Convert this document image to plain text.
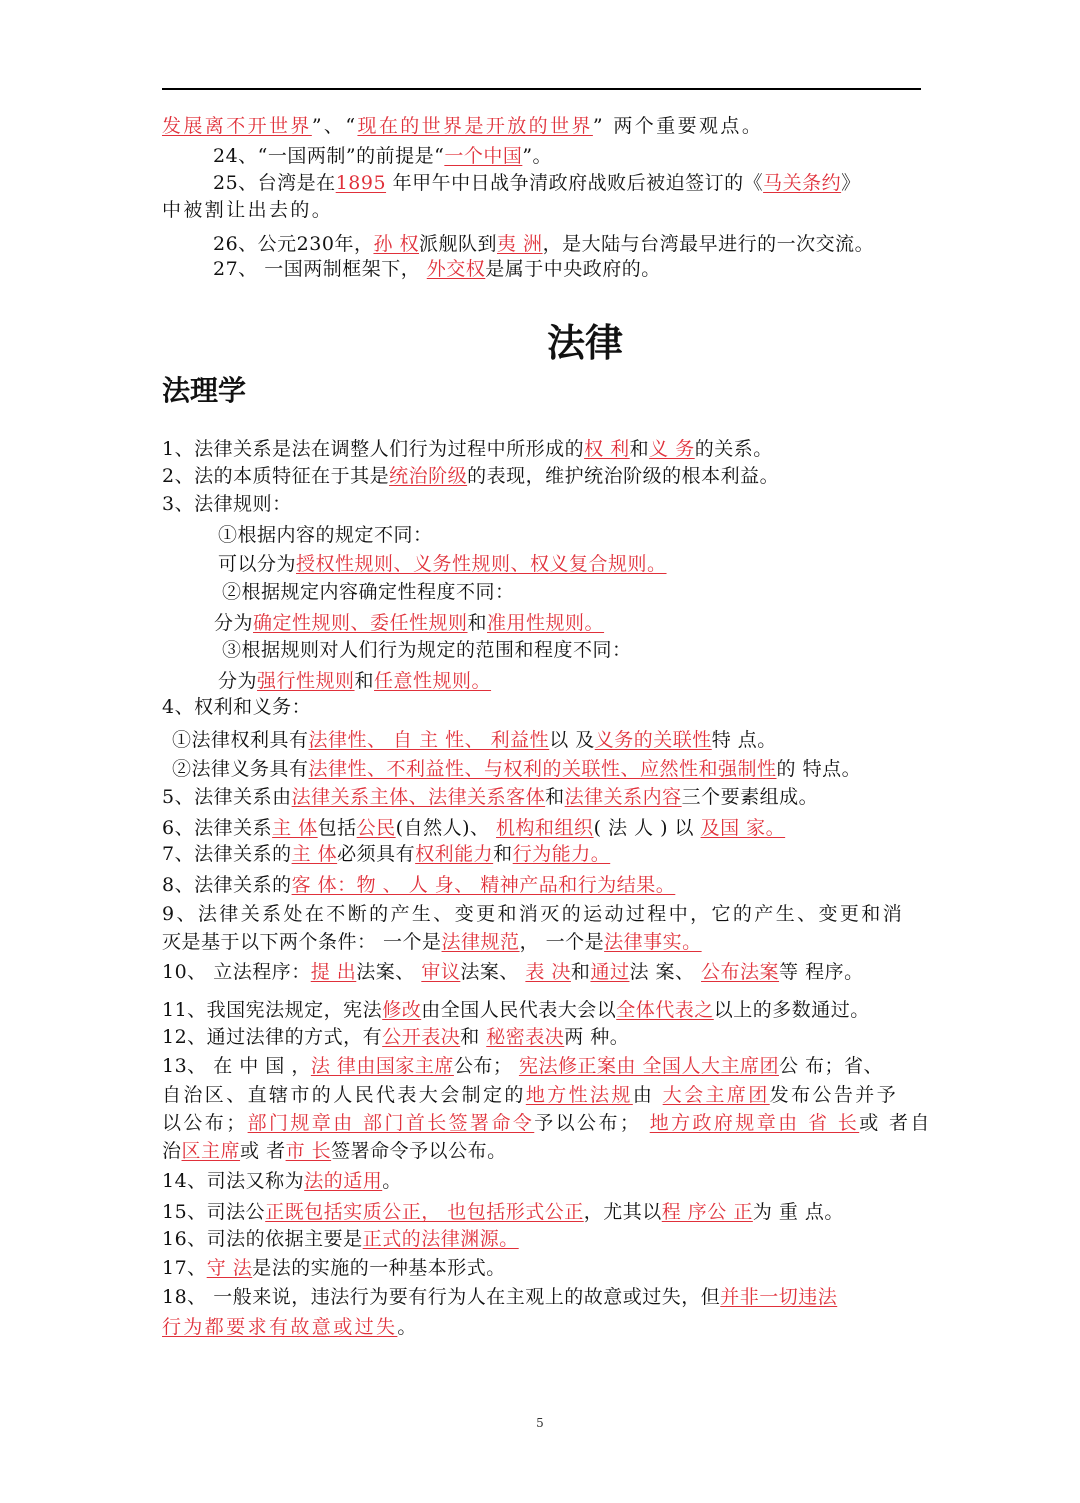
发展离不开世界”、“现在的世界是开放的世界” 两个重要观点。
24、“一国两制”的前提是“一个中国”。
25、台湾是在1895 年甲午中日战争清政府战败后被迫签订的《马关条约》
中被割让出去的。
26、公元230年，孙 权派舰队到夷 洲，是大陆与台湾最早进行的一次交流。
27、 一国两制框架下， 外交权是属于中央政府的。
法律
法理学
1、法律关系是法在调整人们行为过程中所形成的权 利和义 务的关系。
2、法的本质特征在于其是统治阶级的表现，维护统治阶级的根本利益。
3、法律规则：
①根据内容的规定不同：
可以分为授权性规则、义务性规则、权义复合规则。
②根据规定内容确定性程度不同：
分为确定性规则、委任性规则和准用性规则。
③根据规则对人们行为规定的范围和程度不同：
分为强行性规则和任意性规则。
4、权利和义务：
①法律权利具有法律性、 自 主 性、 利益性以 及义务的关联性特 点。
②法律义务具有法律性、不利益性、与权利的关联性、应然性和强制性的 特点。
5、法律关系由法律关系主体、法律关系客体和法律关系内容三个要素组成。
6、法律关系主 体包括公民(自然人)、 机构和组织( 法 人 ) 以 及国 家。
7、法律关系的主 体必须具有权利能力和行为能力。
8、法律关系的客 体：物 、 人 身、 精神产品和行为结果。
9、法律关系处在不断的产生、变更和消灭的运动过程中，它的产生、变更和消
灭是基于以下两个条件： 一个是法律规范， 一个是法律事实。
10、 立法程序：提 出法案、 审议法案、 表 决和通过法 案、 公布法案等 程序。
11、我国宪法规定，宪法修改由全国人民代表大会以全体代表之以上的多数通过。
12、通过法律的方式，有公开表决和 秘密表决两 种。
13、 在 中 国 ，法 律由国家主席公布； 宪法修正案由 全国人大主席团公 布；省、
自治区、直辖市的人民代表大会制定的地方性法规由 大会主席团发布公告并予
以公布；部门规章由 部门首长签署命令予以公布； 地方政府规章由 省 长或 者自
治区主席或 者市 长签署命令予以公布。
14、司法又称为法的适用。
15、司法公正既包括实质公正， 也包括形式公正，尤其以程 序公 正为 重 点。
16、司法的依据主要是正式的法律渊源。
17、守 法是法的实施的一种基本形式。
18、 一般来说，违法行为要有行为人在主观上的故意或过失，但并非一切违法
行为都要求有故意或过失。
5
